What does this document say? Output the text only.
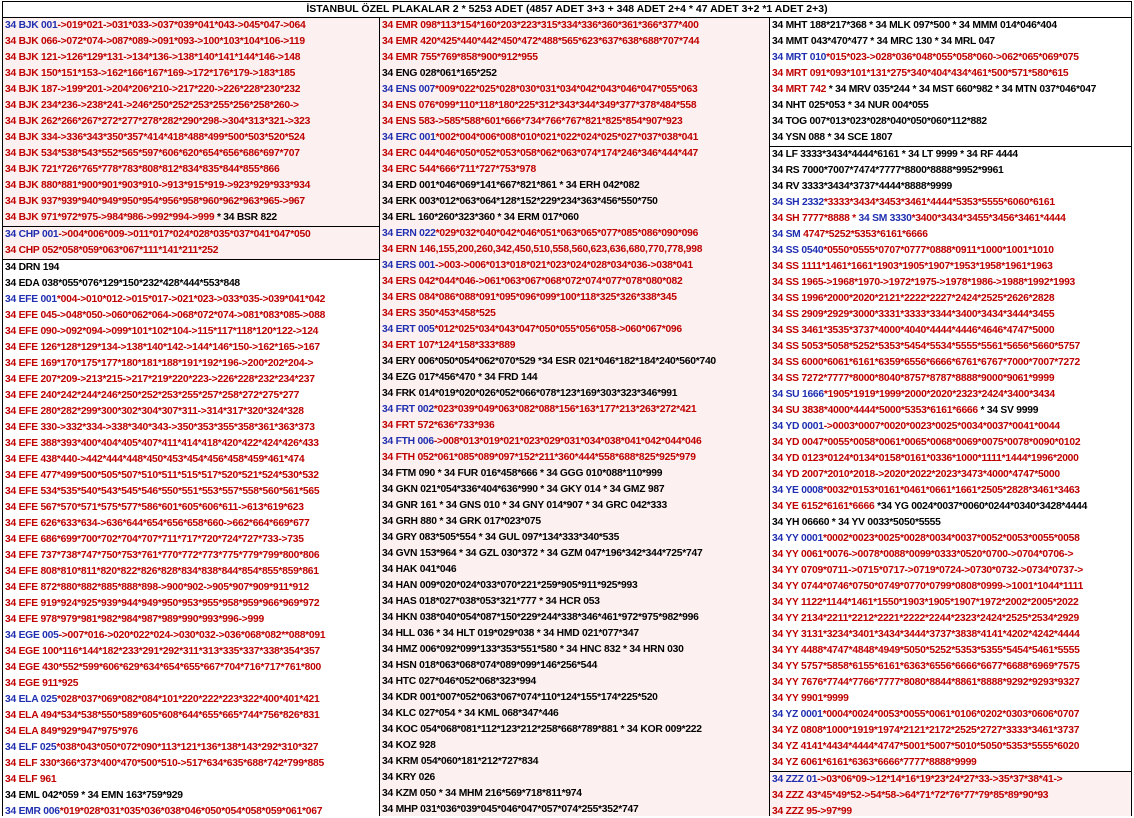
İSTANBUL ÖZEL PLAKALAR 2 * 5253 ADET (4857 ADET 3+3 + 348 ADET 2+4 * 47 ADET 3+2 *1 ADET 2+3)
34 BJK 001->019*021->031*033->037*039*041*043->045*047->064
34 BJK 066->072*074->087*089->091*093->100*103*104*106->119
34 BJK 121->126*129*131->134*136->138*140*141*144*146->148
34 BJK 150*151*153->162*166*167*169->172*176*179->183*185
34 BJK 187->199*201->204*206*210->217*220->226*228*230*232
34 BJK 234*236->238*241->246*250*252*253*255*256*258*260->
34 BJK 262*266*267*272*277*278*282*290*298->304*313*321->323
34 BJK 334->336*343*350*357*414*418*488*499*500*503*520*524
34 BJK 534*538*543*552*565*597*606*620*654*656*686*697*707
34 BJK 721*726*765*778*783*808*812*834*835*844*855*866
34 BJK 880*881*900*901*903*910->913*915*919->923*929*933*934
34 BJK 937*939*940*949*950*954*956*958*960*962*963*965->967
34 BJK 971*972*975->984*986->992*994->999 * 34 BSR 822
34 CHP 001->004*006*009->011*017*024*028*035*037*041*047*050
34 CHP 052*058*059*063*067*111*141*211*252
34 DRN 194
34 EDA 038*055*076*129*150*232*428*444*553*848
34 EFE 001*004->010*012->015*017->021*023->033*035->039*041*042
34 EFE 045->048*050->060*062*064->068*072*074->081*083*085->088
34 EFE 090->092*094->099*101*102*104->115*117*118*120*122->124
34 EFE 126*128*129*134->138*140*142->144*146*150->162*165->167
34 EFE 169*170*175*177*180*181*188*191*192*196->200*202*204->
34 EFE 207*209->213*215->217*219*220*223->226*228*232*234*237
34 EFE 240*242*244*246*250*252*253*255*257*258*272*275*277
34 EFE 280*282*299*300*302*304*307*311->314*317*320*324*328
34 EFE 330->332*334->338*340*343->350*353*355*358*361*363*373
34 EFE 388*393*400*404*405*407*411*414*418*420*422*424*426*433
34 EFE 438*440->442*444*448*450*453*454*456*458*459*461*474
34 EFE 477*499*500*505*507*510*511*515*517*520*521*524*530*532
34 EFE 534*535*540*543*545*546*550*551*553*557*558*560*561*565
34 EFE 567*570*571*575*577*586*601*605*606*611->613*619*623
34 EFE 626*633*634->636*644*654*656*658*660->662*664*669*677
34 EFE 686*699*700*702*704*707*711*717*720*724*727*733->735
34 EFE 737*738*747*750*753*761*770*772*773*775*779*799*800*806
34 EFE 808*810*811*820*822*826*828*834*838*844*854*855*859*861
34 EFE 872*880*882*885*888*898->900*902->905*907*909*911*912
34 EFE 919*924*925*939*944*949*950*953*955*958*959*966*969*972
34 EFE 978*979*981*982*984*987*989*990*993*996->999
34 EGE 005->007*016->020*022*024->030*032->036*068*082**088*091
34 EGE 100*116*144*182*233*291*292*311*313*335*337*338*354*357
34 EGE 430*552*599*606*629*634*654*655*667*704*716*717*761*800
34 EGE 911*925
34 ELA 025*028*037*069*082*084*101*220*222*223*322*400*401*421
34 ELA 494*534*538*550*589*605*608*644*655*665*744*756*826*831
34 ELA 849*929*947*975*976
34 ELF 025*038*043*050*072*090*113*121*136*138*143*292*310*327
34 ELF 330*366*373*400*470*500*510->517*634*635*688*742*799*885
34 ELF 961
34 EML 042*059 * 34 EMN 163*759*929
34 EMR 006*019*028*031*035*036*038*046*050*054*058*059*061*067
34 EMR 098*113*154*160*203*223*315*334*336*360*361*366*377*400
34 EMR 420*425*440*442*450*472*488*565*623*637*638*688*707*744
34 EMR 755*769*858*900*912*955
34 ENG 028*061*165*252
34 ENS 007*009*022*025*028*030*031*034*042*043*046*047*055*063
34 ENS 076*099*110*118*180*225*312*343*344*349*377*378*484*558
34 ENS 583->585*588*601*666*734*766*767*821*825*854*907*923
34 ERC 001*002*004*006*008*010*021*022*024*025*027*037*038*041
34 ERC 044*046*050*052*053*058*062*063*074*174*246*346*444*447
34 ERC 544*666*711*727*753*978
34 ERD 001*046*069*141*667*821*861 * 34 ERH 042*082
34 ERK 003*012*063*064*128*152*229*234*363*456*550*750
34 ERL 160*260*323*360 * 34 ERM 017*060
34 ERN 022*029*032*040*042*046*051*063*065*077*085*086*090*096
34 ERN 146,155,200,260,342,450,510,558,560,623,636,680,770,778,998
34 ERS 001->003->006*013*018*021*023*024*028*034*036->038*041
34 ERS 042*044*046->061*063*067*068*072*074*077*078*080*082
34 ERS 084*086*088*091*095*096*099*100*118*325*326*338*345
34 ERS 350*453*458*525
34 ERT 005*012*025*034*043*047*050*055*056*058->060*067*096
34 ERT 107*124*158*333*889
34 ERY 006*050*054*062*070*529 *34 ESR 021*046*182*184*240*560*740
34 EZG 017*456*470 * 34 FRD 144
34 FRK 014*019*020*026*052*066*078*123*169*303*323*346*991
34 FRT 002*023*039*049*063*082*088*156*163*177*213*263*272*421
34 FRT 572*636*733*936
34 FTH 006->008*013*019*021*023*029*031*034*038*041*042*044*046
34 FTH 052*061*085*089*097*152*211*360*444*558*688*825*925*979
34 FTM 090 * 34 FUR 016*458*666 * 34 GGG 010*088*110*999
34 GKN 021*054*336*404*636*990 * 34 GKY 014 * 34 GMZ 987
34 GNR 161 * 34 GNS 010 * 34 GNY 014*907 * 34 GRC 042*333
34 GRH 880 * 34 GRK 017*023*075
34 GRY 083*505*554 * 34 GUL 097*134*333*340*535
34 GVN 153*964 * 34 GZL 030*372 * 34 GZM 047*196*342*344*725*747
34 HAK 041*046
34 HAN 009*020*024*033*070*221*259*905*911*925*993
34 HAS 018*027*038*053*321*777 * 34 HCR 053
34 HKN 038*040*054*087*150*229*244*338*346*461*972*975*982*996
34 HLL 036 * 34 HLT 019*029*038 * 34 HMD 021*077*347
34 HMZ 006*092*099*133*353*551*580 * 34 HNC 832 * 34 HRN 030
34 HSN 018*063*068*074*089*099*146*256*544
34 HTC 027*046*052*068*323*994
34 KDR 001*007*052*063*067*074*110*124*155*174*225*520
34 KLC 027*054 * 34 KML 068*347*446
34 KOC 054*068*081*112*123*212*258*668*789*881 * 34 KOR 009*222
34 KOZ 928
34 KRM 054*060*181*212*727*834
34 KRY 026
34 KZM 050 * 34 MHM 216*569*718*811*974
34 MHP 031*036*039*045*046*047*057*074*255*352*747
34 MHT 188*217*368 * 34 MLK 097*500 * 34 MMM 014*046*404
34 MMT 043*470*477 * 34 MRC 130 * 34 MRL 047
34 MRT 010*015*023->028*036*048*055*058*060->062*065*069*075
34 MRT 091*093*101*131*275*340*404*434*461*500*571*580*615
34 MRT 742 * 34 MRV 035*244 * 34 MST 660*982 * 34 MTN 037*046*047
34 NHT 025*053 * 34 NUR 004*055
34 TOG 007*013*023*028*040*050*060*112*882
34 YSN 088 * 34 SCE 1807
34 LF 3333*3434*4444*6161 * 34 LT 9999 * 34 RF 4444
34 RS 7000*7007*7474*7777*8800*8888*9952*9961
34 RV 3333*3434*3737*4444*8888*9999
34 SH 2332*3333*3434*3453*3461*4444*5353*5555*6060*6161
34 SH 7777*8888 * 34 SM 3330*3400*3434*3455*3456*3461*4444
34 SM 4747*5252*5353*6161*6666
34 SS 0540*0550*0555*0707*0777*0888*0911*1000*1001*1010
34 SS 1111*1461*1661*1903*1905*1907*1953*1958*1961*1963
34 SS 1965->1968*1970->1972*1975->1978*1986->1988*1992*1993
34 SS 1996*2000*2020*2121*2222*2227*2424*2525*2626*2828
34 SS 2909*2929*3000*3331*3333*3344*3400*3434*3444*3455
34 SS 3461*3535*3737*4000*4040*4444*4446*4646*4747*5000
34 SS 5053*5058*5252*5353*5454*5534*5555*5561*5656*5660*5757
34 SS 6000*6061*6161*6359*6556*6666*6761*6767*7000*7007*7272
34 SS 7272*7777*8000*8040*8757*8787*8888*9000*9061*9999
34 SU 1666*1905*1919*1999*2000*2020*2323*2424*3400*3434
34 SU 3838*4000*4444*5000*5353*6161*6666 * 34 SV 9999
34 YD 0001->0003*0007*0020*0023*0025*0034*0037*0041*0044
34 YD 0047*0055*0058*0061*0065*0068*0069*0075*0078*0090*0102
34 YD 0123*0124*0134*0158*0161*0336*1000*1111*1444*1996*2000
34 YD 2007*2010*2018->2020*2022*2023*3473*4000*4747*5000
34 YE 0008*0032*0153*0161*0461*0661*1661*2505*2828*3461*3463
34 YE 6152*6161*6666 *34 YG 0024*0037*0060*0244*0340*3428*4444
34 YH 06660 * 34 YV 0033*5050*5555
34 YY 0001*0002*0023*0025*0028*0034*0037*0052*0053*0055*0058
34 YY 0061*0076->0078*0088*0099*0333*0520*0700->0704*0706->
34 YY 0709*0711->0715*0717->0719*0724->0730*0732->0734*0737->
34 YY 0744*0746*0750*0749*0770*0799*0808*0999->1001*1044*1111
34 YY 1122*1144*1461*1550*1903*1905*1907*1972*2002*2005*2022
34 YY 2134*2211*2212*2221*2222*2244*2323*2424*2525*2534*2929
34 YY 3131*3234*3401*3434*3444*3737*3838*4141*4202*4242*4444
34 YY 4488*4747*4848*4949*5050*5252*5353*5355*5454*5461*5555
34 YY 5757*5858*6155*6161*6363*6556*6666*6677*6688*6969*7575
34 YY 7676*7744*7766*7777*8080*8844*8861*8888*9292*9293*9327
34 YY 9901*9999
34 YZ 0001*0004*0024*0053*0055*0061*0106*0202*0303*0606*0707
34 YZ 0808*1000*1919*1974*2121*2172*2525*2727*3333*3461*3737
34 YZ 4141*4434*4444*4747*5001*5007*5010*5050*5353*5555*6020
34 YZ 6061*6161*6363*6666*7777*8888*9999
34 ZZZ 01->03*06*09->12*14*16*19*23*24*27*33->35*37*38*41->
34 ZZZ 43*45*49*52->54*58->64*71*72*76*77*79*85*89*90*93
34 ZZZ 95->97*99
